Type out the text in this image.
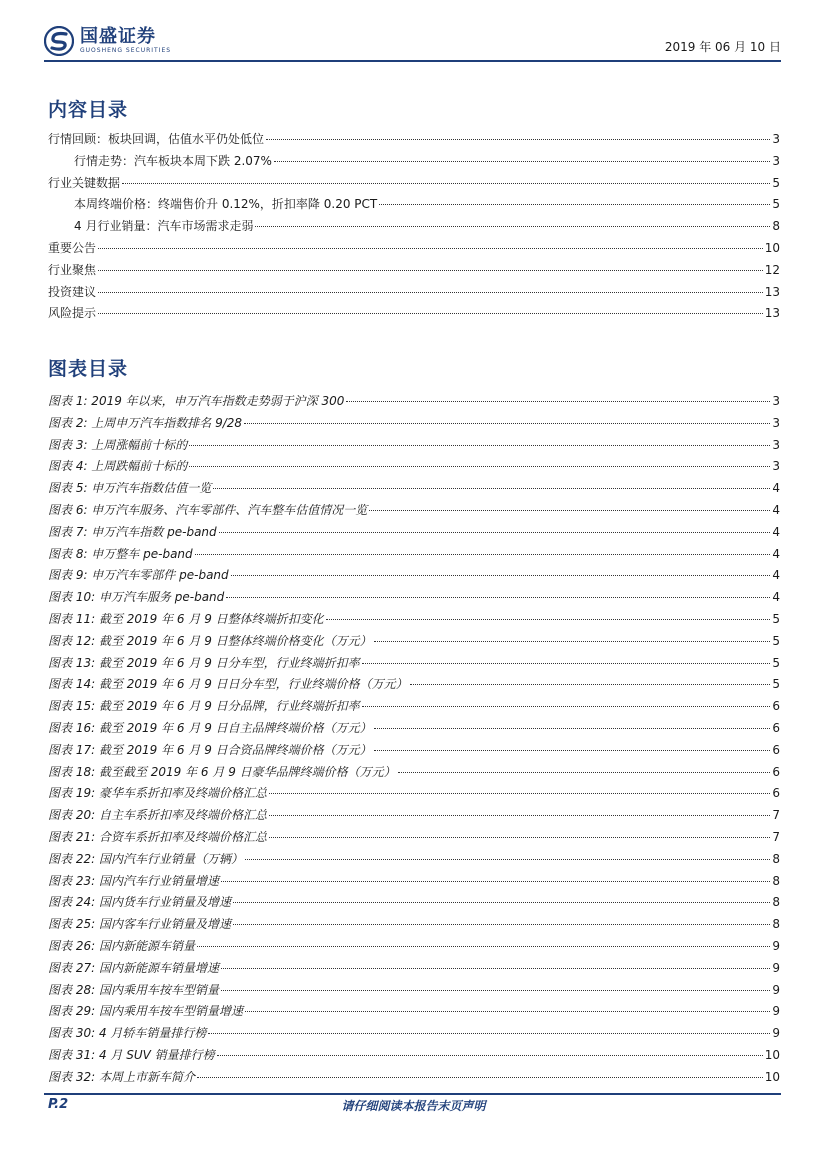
国盛证券
GUOSHENG SECURITIES	2019 年 06 月 10 日
内容目录
行情回顾：板块回调，估值水平仍处低位	3
行情走势：汽车板块本周下跌 2.07%	3
行业关键数据	5
本周终端价格：终端售价升 0.12%，折扣率降 0.20 PCT	5
4 月行业销量：汽车市场需求走弱	8
重要公告	10
行业聚焦	12
投资建议	13
风险提示	13
图表目录
图表 1: 2019 年以来，申万汽车指数走势弱于沪深 300	3
图表 2: 上周申万汽车指数排名 9/28	3
图表 3: 上周涨幅前十标的	3
图表 4: 上周跌幅前十标的	3
图表 5: 申万汽车指数估值一览	4
图表 6: 申万汽车服务、汽车零部件、汽车整车估值情况一览	4
图表 7: 申万汽车指数 pe-band	4
图表 8: 申万整车 pe-band	4
图表 9: 申万汽车零部件 pe-band	4
图表 10: 申万汽车服务 pe-band	4
图表 11: 截至 2019 年 6 月 9 日整体终端折扣变化	5
图表 12: 截至 2019 年 6 月 9 日整体终端价格变化（万元）	5
图表 13: 截至 2019 年 6 月 9 日分车型，行业终端折扣率	5
图表 14: 截至 2019 年 6 月 9 日日分车型，行业终端价格（万元）	5
图表 15: 截至 2019 年 6 月 9 日分品牌，行业终端折扣率	6
图表 16: 截至 2019 年 6 月 9 日自主品牌终端价格（万元）	6
图表 17: 截至 2019 年 6 月 9 日合资品牌终端价格（万元）	6
图表 18: 截至截至 2019 年 6 月 9 日豪华品牌终端价格（万元）	6
图表 19: 豪华车系折扣率及终端价格汇总	6
图表 20: 自主车系折扣率及终端价格汇总	7
图表 21: 合资车系折扣率及终端价格汇总	7
图表 22: 国内汽车行业销量（万辆）	8
图表 23: 国内汽车行业销量增速	8
图表 24: 国内货车行业销量及增速	8
图表 25: 国内客车行业销量及增速	8
图表 26: 国内新能源车销量	9
图表 27: 国内新能源车销量增速	9
图表 28: 国内乘用车按车型销量	9
图表 29: 国内乘用车按车型销量增速	9
图表 30: 4 月轿车销量排行榜	9
图表 31: 4 月 SUV 销量排行榜	10
图表 32: 本周上市新车简介	10
P.2	请仔细阅读本报告末页声明
